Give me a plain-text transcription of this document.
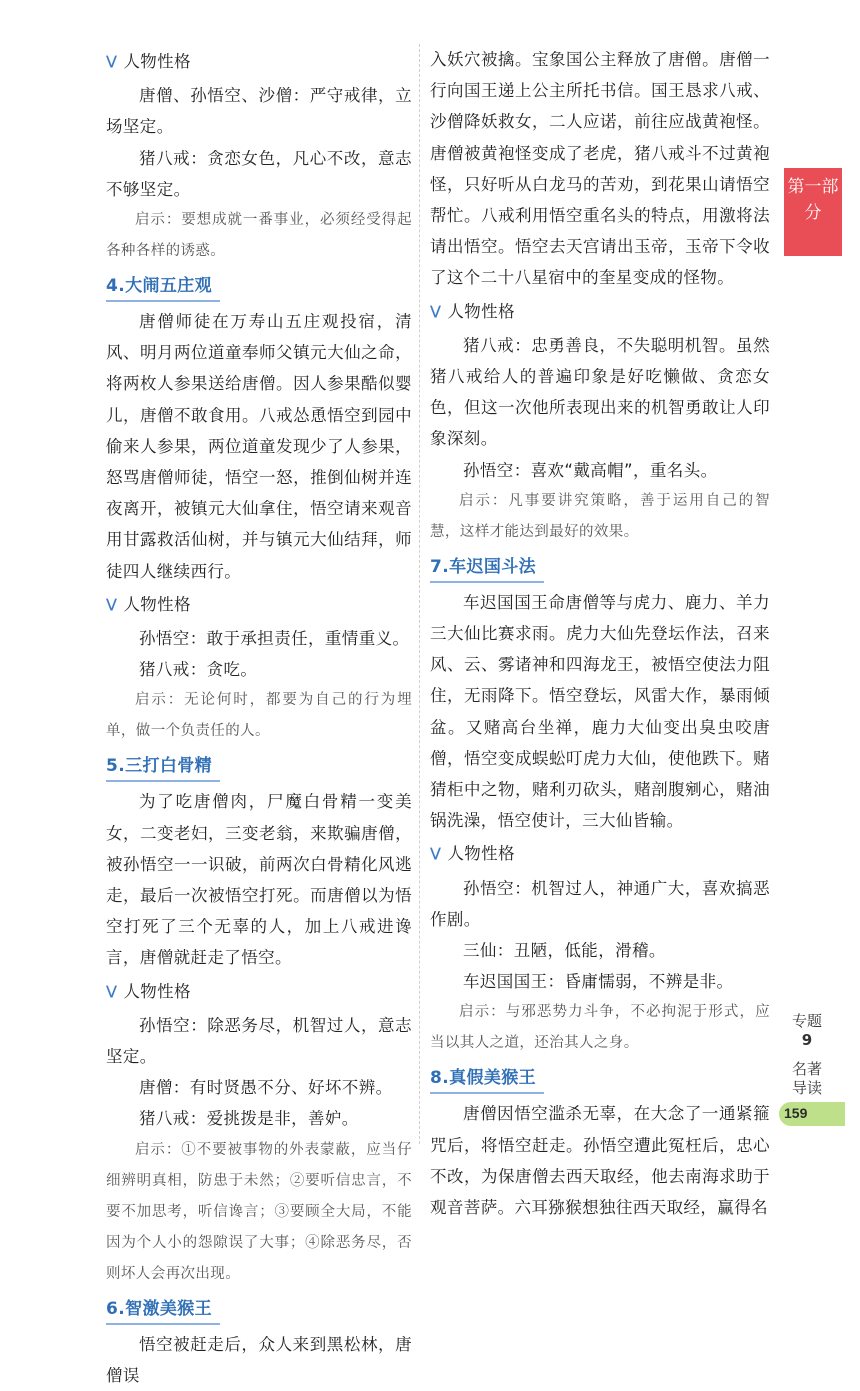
⋁ 人物性格

唐僧、孙悟空、沙僧：严守戒律，立场坚定。

猪八戒：贪恋女色，凡心不改，意志不够坚定。

启示：要想成就一番事业，必须经受得起各种各样的诱惑。

4.大闹五庄观

唐僧师徒在万寿山五庄观投宿，清风、明月两位道童奉师父镇元大仙之命，将两枚人参果送给唐僧。因人参果酷似婴儿，唐僧不敢食用。八戒怂恿悟空到园中偷来人参果，两位道童发现少了人参果，怒骂唐僧师徒，悟空一怒，推倒仙树并连夜离开，被镇元大仙拿住，悟空请来观音用甘露救活仙树，并与镇元大仙结拜，师徒四人继续西行。

⋁ 人物性格

孙悟空：敢于承担责任，重情重义。

猪八戒：贪吃。

启示：无论何时，都要为自己的行为埋单，做一个负责任的人。

5.三打白骨精

为了吃唐僧肉，尸魔白骨精一变美女，二变老妇，三变老翁，来欺骗唐僧，被孙悟空一一识破，前两次白骨精化风逃走，最后一次被悟空打死。而唐僧以为悟空打死了三个无辜的人，加上八戒进谗言，唐僧就赶走了悟空。

⋁ 人物性格

孙悟空：除恶务尽，机智过人，意志坚定。

唐僧：有时贤愚不分、好坏不辨。

猪八戒：爱挑拨是非，善妒。

启示：①不要被事物的外表蒙蔽，应当仔细辨明真相，防患于未然；②要听信忠言，不要不加思考，听信谗言；③要顾全大局，不能因为个人小的怨隙误了大事；④除恶务尽，否则坏人会再次出现。

6.智激美猴王

悟空被赶走后，众人来到黑松林，唐僧误

入妖穴被擒。宝象国公主释放了唐僧。唐僧一行向国王递上公主所托书信。国王恳求八戒、沙僧降妖救女，二人应诺，前往应战黄袍怪。唐僧被黄袍怪变成了老虎，猪八戒斗不过黄袍怪，只好听从白龙马的苦劝，到花果山请悟空帮忙。八戒利用悟空重名头的特点，用激将法请出悟空。悟空去天宫请出玉帝，玉帝下令收了这个二十八星宿中的奎星变成的怪物。

⋁ 人物性格

猪八戒：忠勇善良，不失聪明机智。虽然猪八戒给人的普遍印象是好吃懒做、贪恋女色，但这一次他所表现出来的机智勇敢让人印象深刻。

孙悟空：喜欢“戴高帽”，重名头。

启示：凡事要讲究策略，善于运用自己的智慧，这样才能达到最好的效果。

7.车迟国斗法

车迟国国王命唐僧等与虎力、鹿力、羊力三大仙比赛求雨。虎力大仙先登坛作法，召来风、云、雾诸神和四海龙王，被悟空使法力阻住，无雨降下。悟空登坛，风雷大作，暴雨倾盆。又赌高台坐禅，鹿力大仙变出臭虫咬唐僧，悟空变成蜈蚣叮虎力大仙，使他跌下。赌猜柜中之物，赌利刃砍头，赌剖腹剜心，赌油锅洗澡，悟空使计，三大仙皆输。

⋁ 人物性格

孙悟空：机智过人，神通广大，喜欢搞恶作剧。

三仙：丑陋，低能，滑稽。

车迟国国王：昏庸懦弱，不辨是非。

启示：与邪恶势力斗争，不必拘泥于形式，应当以其人之道，还治其人之身。

8.真假美猴王

唐僧因悟空滥杀无辜，在大念了一通紧箍咒后，将悟空赶走。孙悟空遭此冤枉后，忠心不改，为保唐僧去西天取经，他去南海求助于观音菩萨。六耳猕猴想独往西天取经，赢得名

第一部分
专题
9
名著导读
159
